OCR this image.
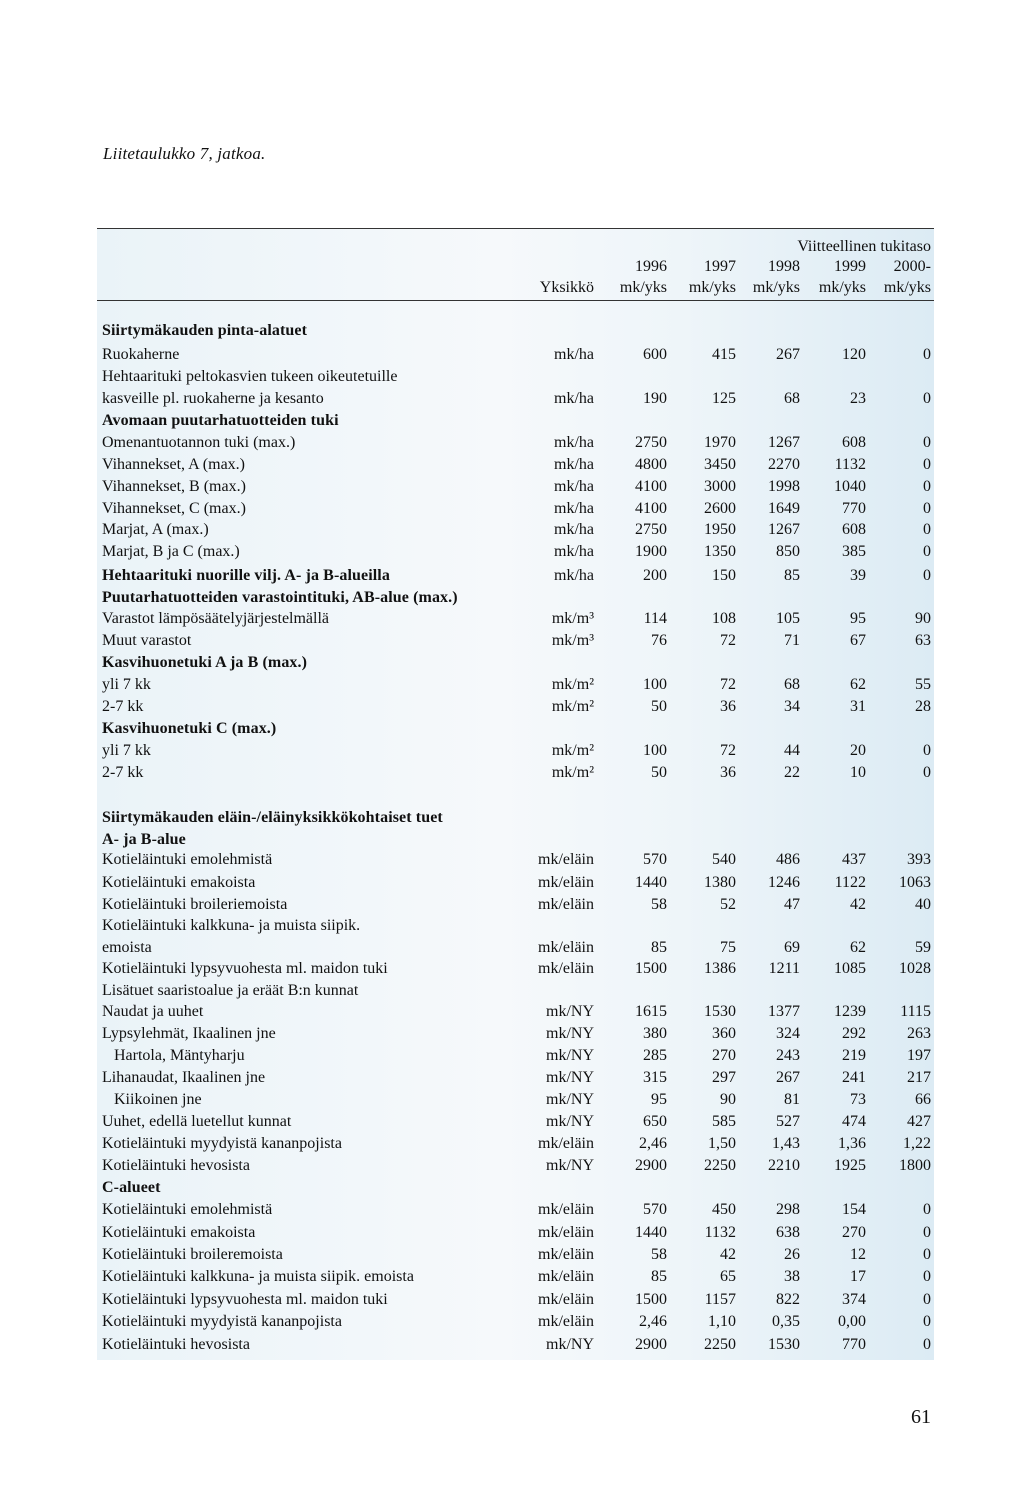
Liitetaulukko 7, jatkoa.
Viitteellinen tukitaso
Yksikkö
1996 1997 1998 1999 2000-
mk/yks mk/yks mk/yks mk/yks mk/yks
Siirtymäkauden pinta-alatuet
Ruokaherne	mk/ha	600	415	267	120	0
Hehtaarituki peltokasvien tukeen oikeutetuille
kasveille pl. ruokaherne ja kesanto	mk/ha	190	125	68	23	0
Avomaan puutarhatuotteiden tuki
Omenantuotannon tuki (max.)	mk/ha	2750 1970 1267	608	0
Vihannekset, A (max.)	mk/ha	4800 3450 2270 1132	0
Vihannekset, B (max.)	mk/ha	4100 3000 1998 1040	0
Vihannekset, C (max.)	mk/ha	4100 2600 1649	770	0
Marjat, A (max.)	mk/ha	2750 1950 1267	608	0
Marjat, B ja C (max.)	mk/ha	1900 1350	850	385	0
Hehtaarituki nuorille vilj. A- ja B-alueilla	mk/ha	200	150	85	39	0
Puutarhatuotteiden varastointituki, AB-alue (max.)
Varastot lämpösäätelyjärjestelmällä	mk/m³	114	108	105	95	90
Muut varastot	mk/m³	76	72	71	67	63
Kasvihuonetuki A ja B (max.)
yli 7 kk	mk/m²	100	72	68	62	55
2-7 kk	mk/m²	50	36	34	31	28
Kasvihuonetuki C (max.)
yli 7 kk	mk/m²	100	72	44	20	0
2-7 kk	mk/m²	50	36	22	10	0
Siirtymäkauden eläin-/eläinyksikkökohtaiset tuet
A- ja B-alue
Kotieläintuki emolehmistä	mk/eläin	570	540	486	437	393
Kotieläintuki emakoista	mk/eläin	1440 1380 1246 1122 1063
Kotieläintuki broileriemoista	mk/eläin	58	52	47	42	40
Kotieläintuki kalkkuna- ja muista siipik.
emoista	mk/eläin	85	75	69	62	59
Kotieläintuki lypsyvuohesta ml. maidon tuki	mk/eläin	1500 1386 1211 1085 1028
Lisätuet saaristoalue ja eräät B:n kunnat
Naudat ja uuhet	mk/NY	1615 1530 1377 1239 1115
Lypsylehmät, Ikaalinen jne	mk/NY	380	360	324	292	263
Hartola, Mäntyharju	mk/NY	285	270	243	219	197
Lihanaudat, Ikaalinen jne	mk/NY	315	297	267	241	217
Kiikoinen jne	mk/NY	95	90	81	73	66
Uuhet, edellä luetellut kunnat	mk/NY	650	585	527	474	427
Kotieläintuki myydyistä kananpojista	mk/eläin	2,46	1,50 1,43 1,36 1,22
Kotieläintuki hevosista	mk/NY	2900 2250 2210 1925 1800
C-alueet
Kotieläintuki emolehmistä	mk/eläin	570	450	298	154	0
Kotieläintuki emakoista	mk/eläin	1440 1132	638	270	0
Kotieläintuki broileremoista	mk/eläin	58	42	26	12	0
Kotieläintuki kalkkuna- ja muista siipik. emoista	mk/eläin	85	65	38	17	0
Kotieläintuki lypsyvuohesta ml. maidon tuki	mk/eläin	1500 1157	822	374	0
Kotieläintuki myydyistä kananpojista	mk/eläin	2,46	1,10 0,35 0,00	0
Kotieläintuki hevosista	mk/NY	2900 2250 1530	770	0
61
